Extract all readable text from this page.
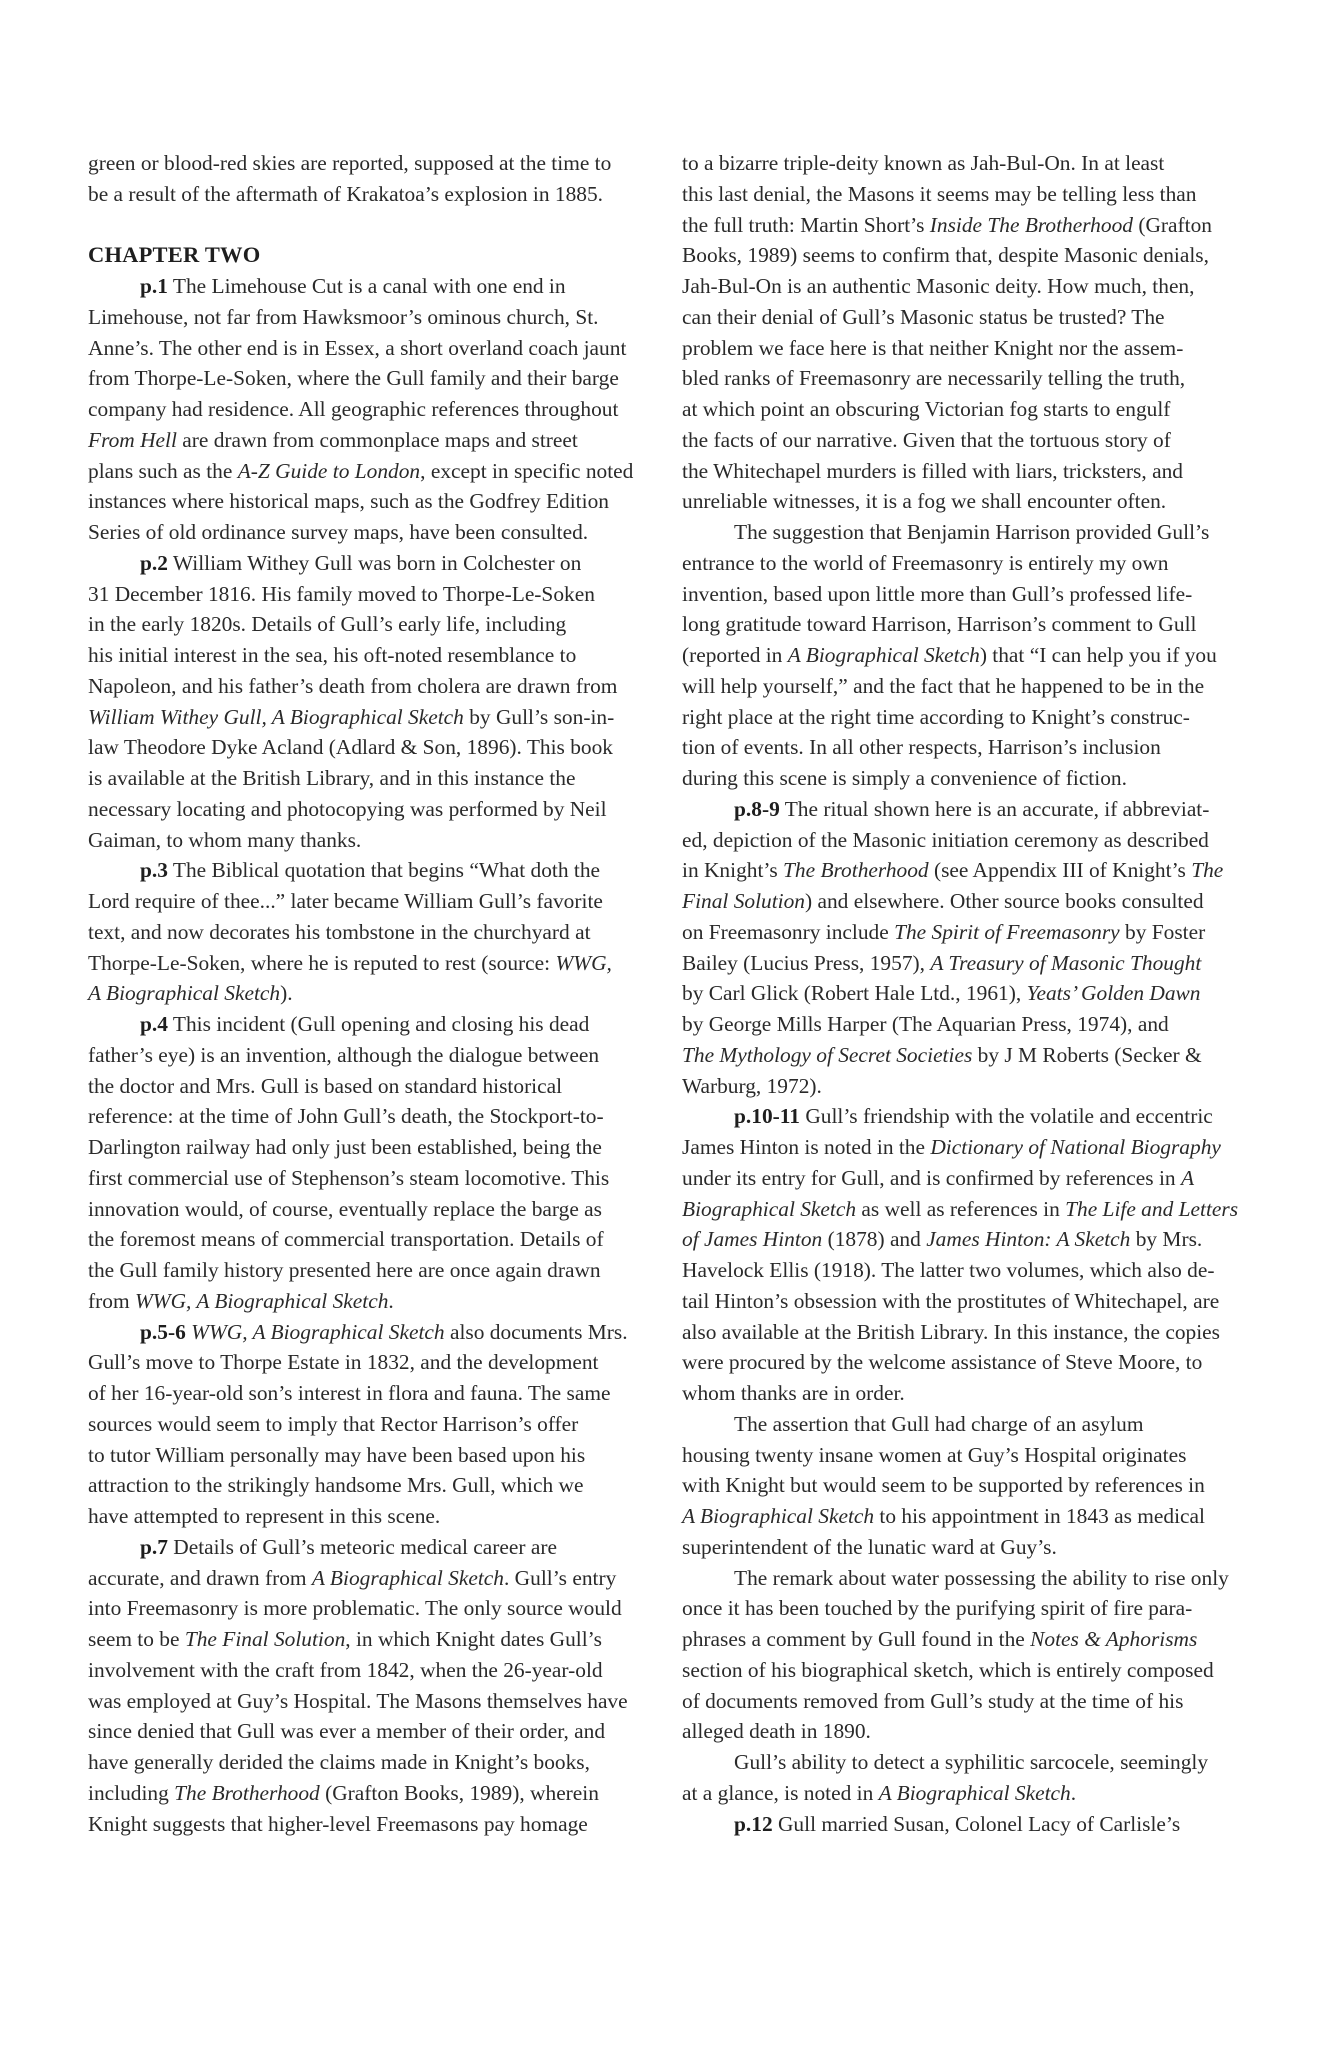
green or blood-red skies are reported, supposed at the time to
be a result of the aftermath of Krakatoa’s explosion in 1885.
CHAPTER TWO
p.1 The Limehouse Cut is a canal with one end in
Limehouse, not far from Hawksmoor’s ominous church, St.
Anne’s. The other end is in Essex, a short overland coach jaunt
from Thorpe-Le-Soken, where the Gull family and their barge
company had residence. All geographic references throughout
From Hell are drawn from commonplace maps and street
plans such as the A-Z Guide to London, except in specific noted
instances where historical maps, such as the Godfrey Edition
Series of old ordinance survey maps, have been consulted.
p.2 William Withey Gull was born in Colchester on
31 December 1816. His family moved to Thorpe-Le-Soken
in the early 1820s. Details of Gull’s early life, including
his initial interest in the sea, his oft-noted resemblance to
Napoleon, and his father’s death from cholera are drawn from
William Withey Gull, A Biographical Sketch by Gull’s son-in-
law Theodore Dyke Acland (Adlard & Son, 1896). This book
is available at the British Library, and in this instance the
necessary locating and photocopying was performed by Neil
Gaiman, to whom many thanks.
p.3 The Biblical quotation that begins “What doth the
Lord require of thee...” later became William Gull’s favorite
text, and now decorates his tombstone in the churchyard at
Thorpe-Le-Soken, where he is reputed to rest (source: WWG,
A Biographical Sketch).
p.4 This incident (Gull opening and closing his dead
father’s eye) is an invention, although the dialogue between
the doctor and Mrs. Gull is based on standard historical
reference: at the time of John Gull’s death, the Stockport-to-
Darlington railway had only just been established, being the
first commercial use of Stephenson’s steam locomotive. This
innovation would, of course, eventually replace the barge as
the foremost means of commercial transportation. Details of
the Gull family history presented here are once again drawn
from WWG, A Biographical Sketch.
p.5-6 WWG, A Biographical Sketch also documents Mrs.
Gull’s move to Thorpe Estate in 1832, and the development
of her 16-year-old son’s interest in flora and fauna. The same
sources would seem to imply that Rector Harrison’s offer
to tutor William personally may have been based upon his
attraction to the strikingly handsome Mrs. Gull, which we
have attempted to represent in this scene.
p.7 Details of Gull’s meteoric medical career are
accurate, and drawn from A Biographical Sketch. Gull’s entry
into Freemasonry is more problematic. The only source would
seem to be The Final Solution, in which Knight dates Gull’s
involvement with the craft from 1842, when the 26-year-old
was employed at Guy’s Hospital. The Masons themselves have
since denied that Gull was ever a member of their order, and
have generally derided the claims made in Knight’s books,
including The Brotherhood (Grafton Books, 1989), wherein
Knight suggests that higher-level Freemasons pay homage
to a bizarre triple-deity known as Jah-Bul-On. In at least
this last denial, the Masons it seems may be telling less than
the full truth: Martin Short’s Inside The Brotherhood (Grafton
Books, 1989) seems to confirm that, despite Masonic denials,
Jah-Bul-On is an authentic Masonic deity. How much, then,
can their denial of Gull’s Masonic status be trusted? The
problem we face here is that neither Knight nor the assem-
bled ranks of Freemasonry are necessarily telling the truth,
at which point an obscuring Victorian fog starts to engulf
the facts of our narrative. Given that the tortuous story of
the Whitechapel murders is filled with liars, tricksters, and
unreliable witnesses, it is a fog we shall encounter often.
The suggestion that Benjamin Harrison provided Gull’s
entrance to the world of Freemasonry is entirely my own
invention, based upon little more than Gull’s professed life-
long gratitude toward Harrison, Harrison’s comment to Gull
(reported in A Biographical Sketch) that “I can help you if you
will help yourself,” and the fact that he happened to be in the
right place at the right time according to Knight’s construc-
tion of events. In all other respects, Harrison’s inclusion
during this scene is simply a convenience of fiction.
p.8-9 The ritual shown here is an accurate, if abbreviat-
ed, depiction of the Masonic initiation ceremony as described
in Knight’s The Brotherhood (see Appendix III of Knight’s The
Final Solution) and elsewhere. Other source books consulted
on Freemasonry include The Spirit of Freemasonry by Foster
Bailey (Lucius Press, 1957), A Treasury of Masonic Thought
by Carl Glick (Robert Hale Ltd., 1961), Yeats’ Golden Dawn
by George Mills Harper (The Aquarian Press, 1974), and
The Mythology of Secret Societies by J M Roberts (Secker &
Warburg, 1972).
p.10-11 Gull’s friendship with the volatile and eccentric
James Hinton is noted in the Dictionary of National Biography
under its entry for Gull, and is confirmed by references in A
Biographical Sketch as well as references in The Life and Letters
of James Hinton (1878) and James Hinton: A Sketch by Mrs.
Havelock Ellis (1918). The latter two volumes, which also de-
tail Hinton’s obsession with the prostitutes of Whitechapel, are
also available at the British Library. In this instance, the copies
were procured by the welcome assistance of Steve Moore, to
whom thanks are in order.
The assertion that Gull had charge of an asylum
housing twenty insane women at Guy’s Hospital originates
with Knight but would seem to be supported by references in
A Biographical Sketch to his appointment in 1843 as medical
superintendent of the lunatic ward at Guy’s.
The remark about water possessing the ability to rise only
once it has been touched by the purifying spirit of fire para-
phrases a comment by Gull found in the Notes & Aphorisms
section of his biographical sketch, which is entirely composed
of documents removed from Gull’s study at the time of his
alleged death in 1890.
Gull’s ability to detect a syphilitic sarcocele, seemingly
at a glance, is noted in A Biographical Sketch.
p.12 Gull married Susan, Colonel Lacy of Carlisle’s
